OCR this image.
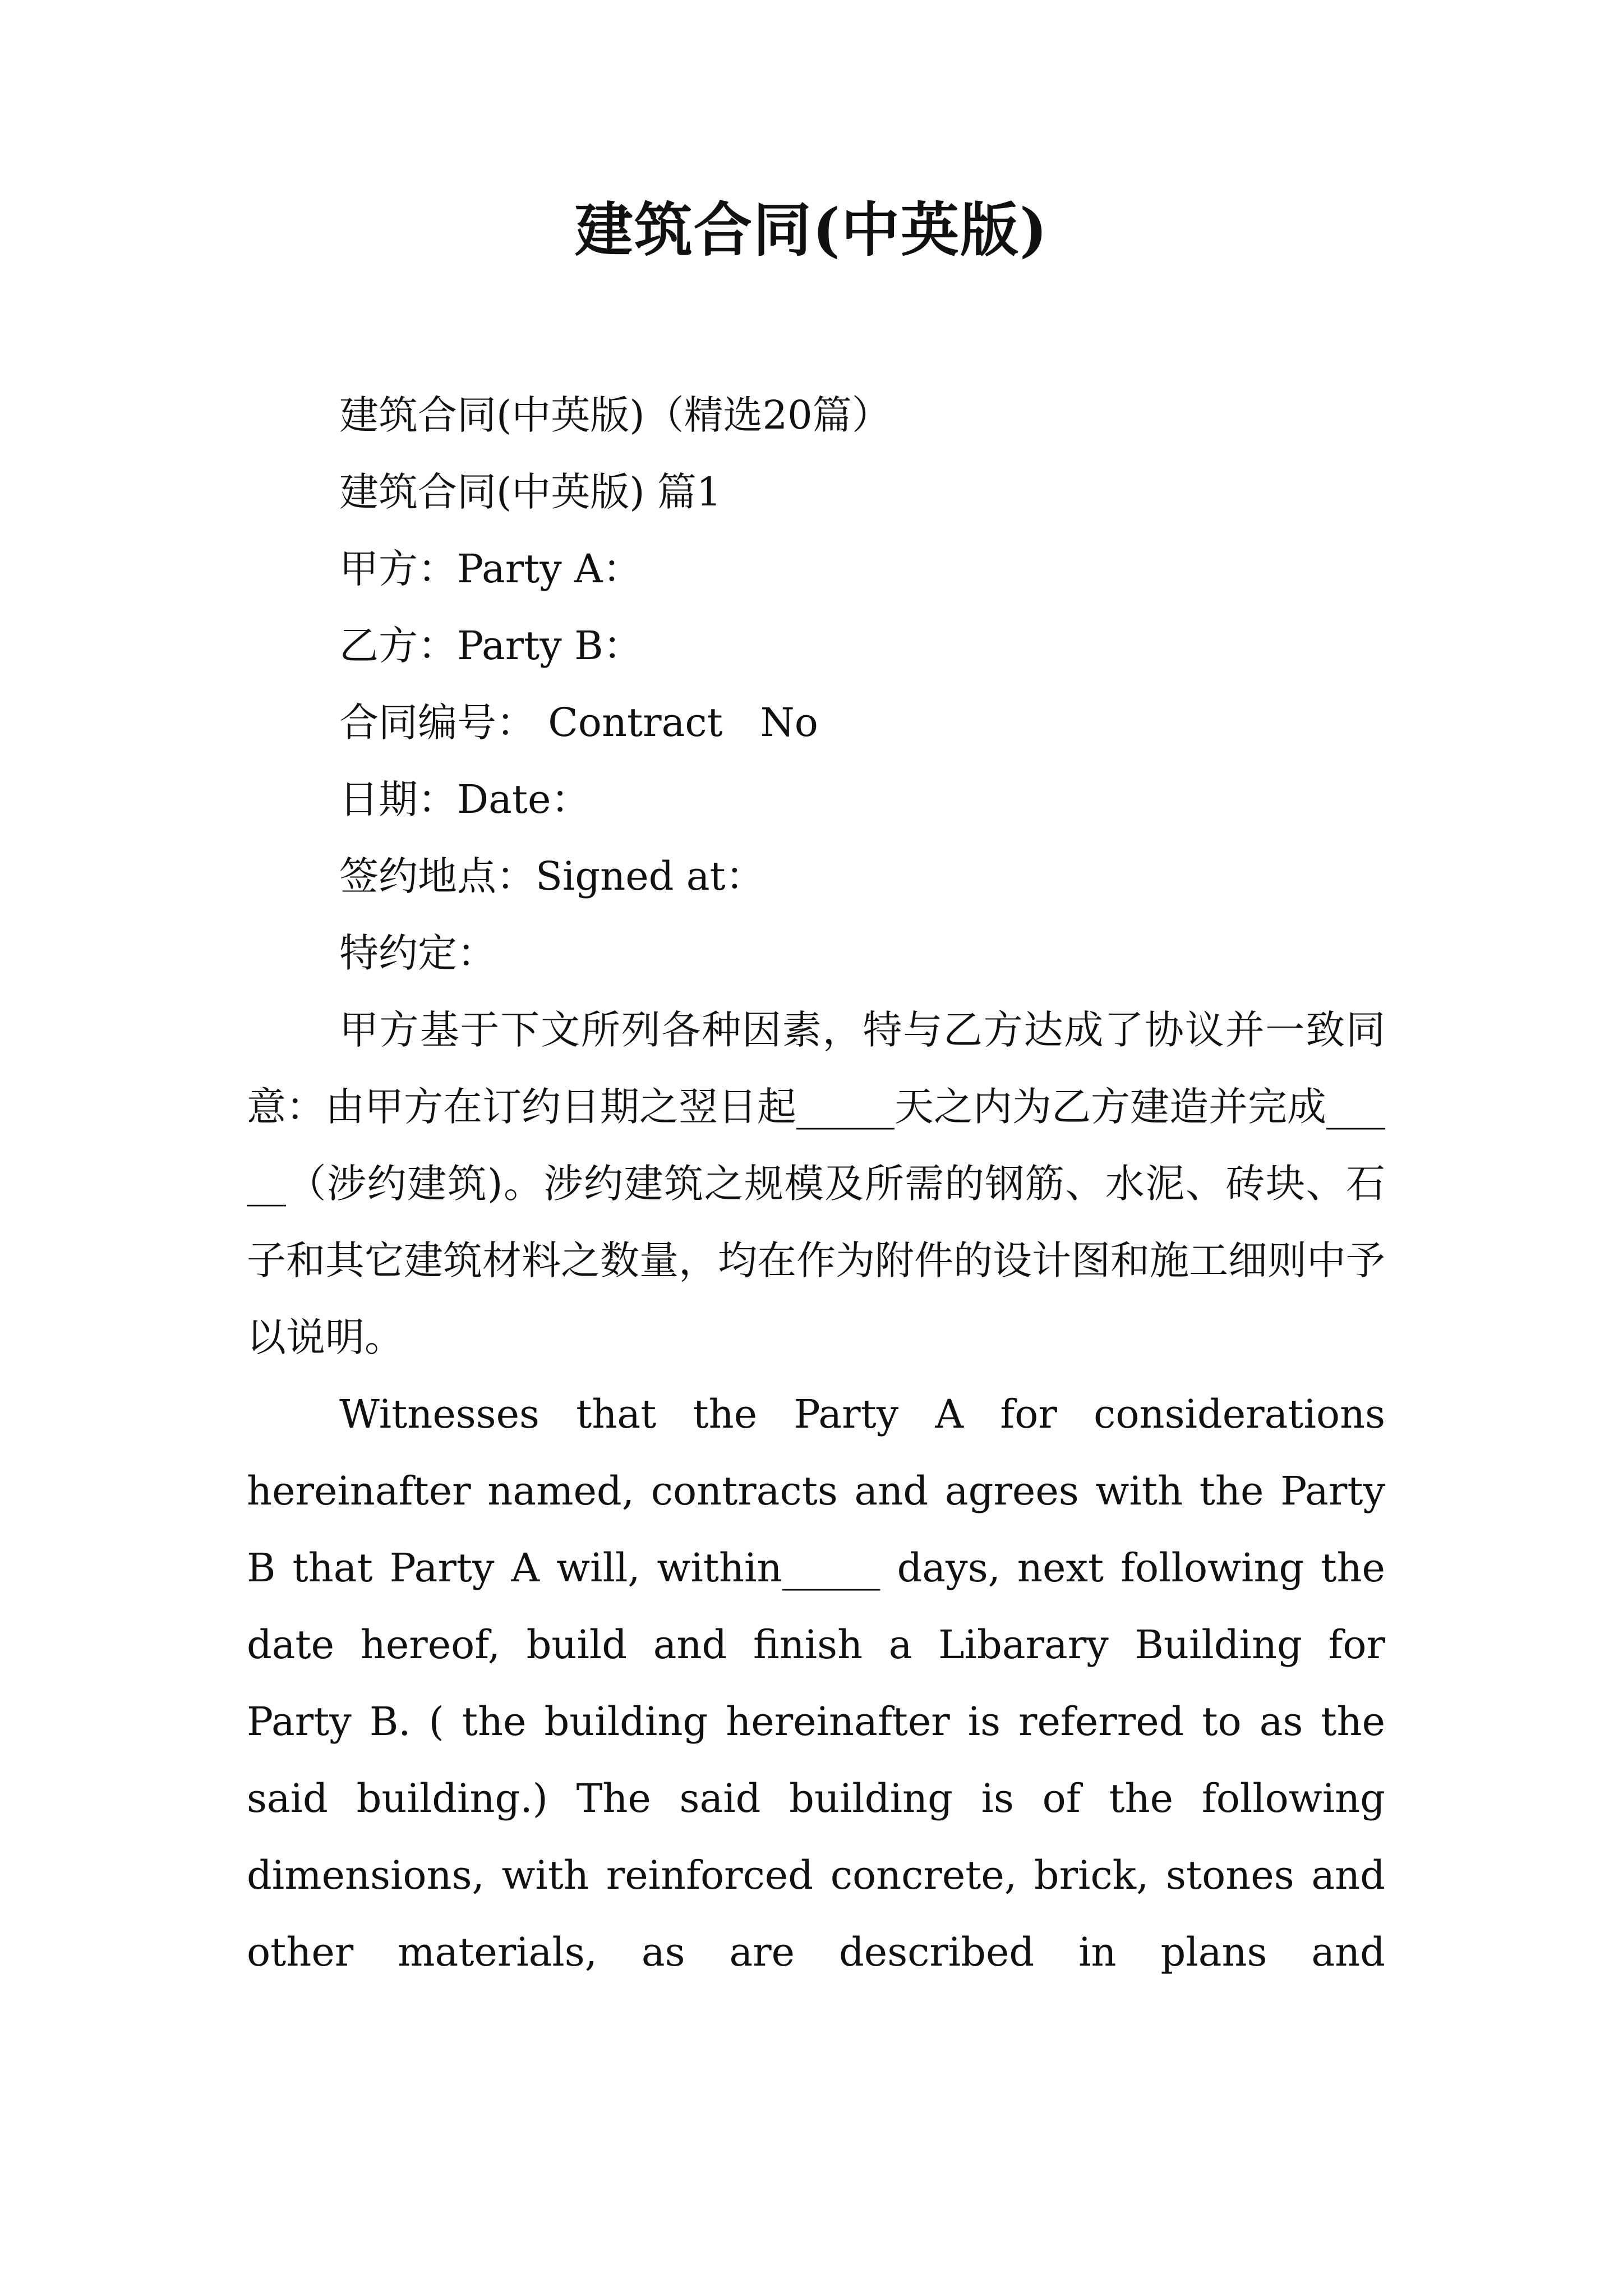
建筑合同(中英版)
建筑合同(中英版)（精选20篇）
建筑合同(中英版) 篇1
甲方：Party A：
乙方：Party B：
合同编号： Contract   No
日期：Date：
签约地点：Signed at：
特约定：
甲方基于下文所列各种因素，特与乙方达成了协议并一致同意：由甲方在订约日期之翌日起_____天之内为乙方建造并完成_____（涉约建筑)。涉约建筑之规模及所需的钢筋、水泥、砖块、石子和其它建筑材料之数量，均在作为附件的设计图和施工细则中予以说明。
Witnesses that the Party A for considerations hereinafter named, contracts and agrees with the Party B that Party A will, within_____ days, next following the date hereof, build and finish a Libarary Building for Party B. ( the building hereinafter is referred to as the said building.) The said building is of the following dimensions, with reinforced concrete, brick, stones and other materials, as are described in plans and
